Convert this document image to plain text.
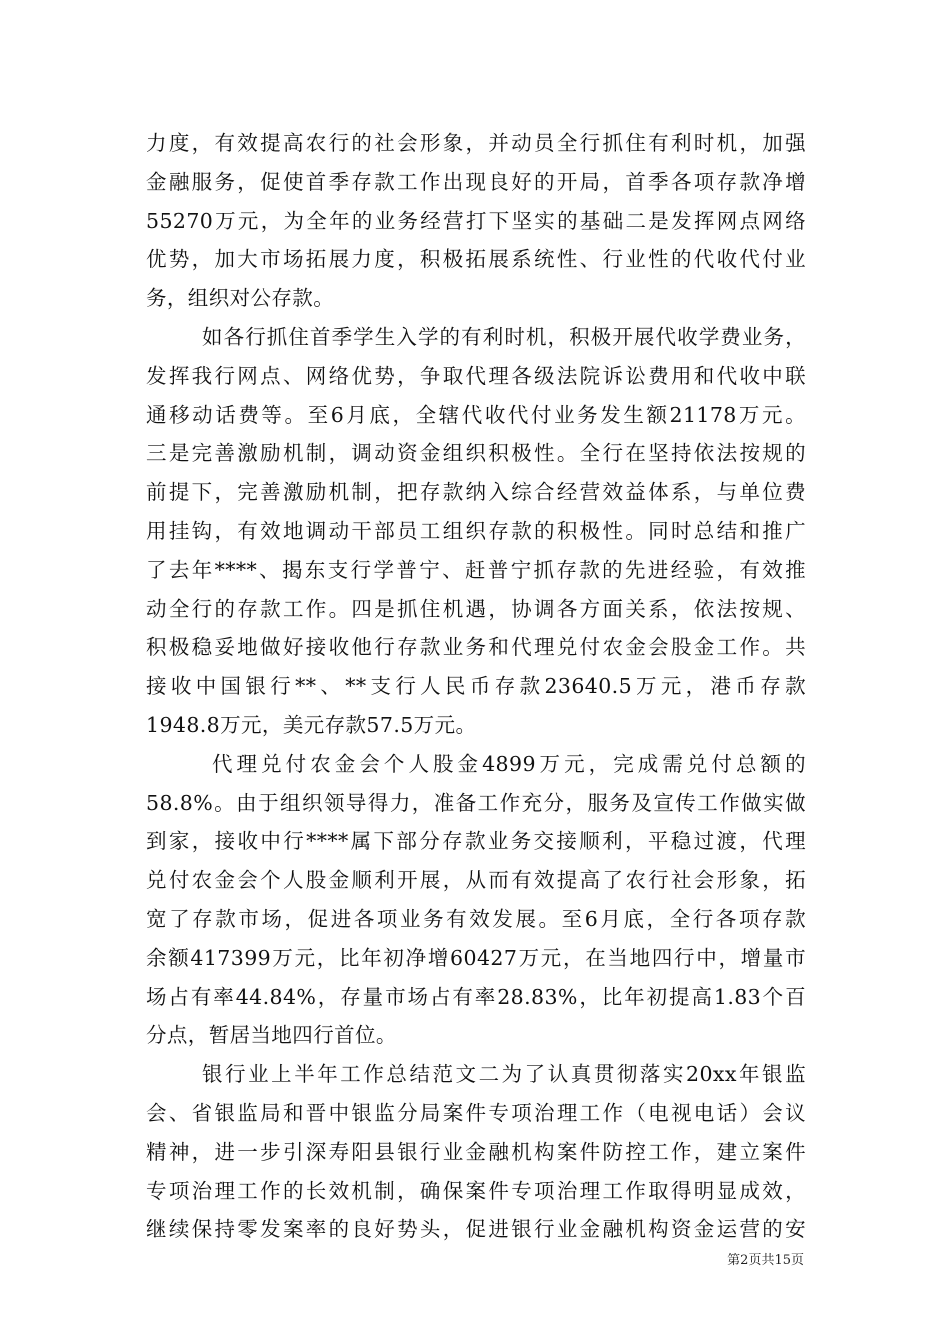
力度，有效提高农行的社会形象，并动员全行抓住有利时机，加强
金融服务，促使首季存款工作出现良好的开局，首季各项存款净增
55270万元，为全年的业务经营打下坚实的基础二是发挥网点网络
优势，加大市场拓展力度，积极拓展系统性、行业性的代收代付业
务，组织对公存款。

如各行抓住首季学生入学的有利时机，积极开展代收学费业务，
发挥我行网点、网络优势，争取代理各级法院诉讼费用和代收中联
通移动话费等。至6月底，全辖代收代付业务发生额21178万元。
三是完善激励机制，调动资金组织积极性。全行在坚持依法按规的
前提下，完善激励机制，把存款纳入综合经营效益体系，与单位费
用挂钩，有效地调动干部员工组织存款的积极性。同时总结和推广
了去年****、揭东支行学普宁、赶普宁抓存款的先进经验，有效推
动全行的存款工作。四是抓住机遇，协调各方面关系，依法按规、
积极稳妥地做好接收他行存款业务和代理兑付农金会股金工作。共
接收中国银行**、**支行人民币存款23640.5万元，港币存款
1948.8万元，美元存款57.5万元。

代理兑付农金会个人股金4899万元，完成需兑付总额的
58.8%。由于组织领导得力，准备工作充分，服务及宣传工作做实做
到家，接收中行****属下部分存款业务交接顺利，平稳过渡，代理
兑付农金会个人股金顺利开展，从而有效提高了农行社会形象，拓
宽了存款市场，促进各项业务有效发展。至6月底，全行各项存款
余额417399万元，比年初净增60427万元，在当地四行中，增量市
场占有率44.84%，存量市场占有率28.83%，比年初提高1.83个百
分点，暂居当地四行首位。

银行业上半年工作总结范文二为了认真贯彻落实20xx年银监
会、省银监局和晋中银监分局案件专项治理工作（电视电话）会议
精神，进一步引深寿阳县银行业金融机构案件防控工作，建立案件
专项治理工作的长效机制，确保案件专项治理工作取得明显成效，
继续保持零发案率的良好势头，促进银行业金融机构资金运营的安

第2页共15页
